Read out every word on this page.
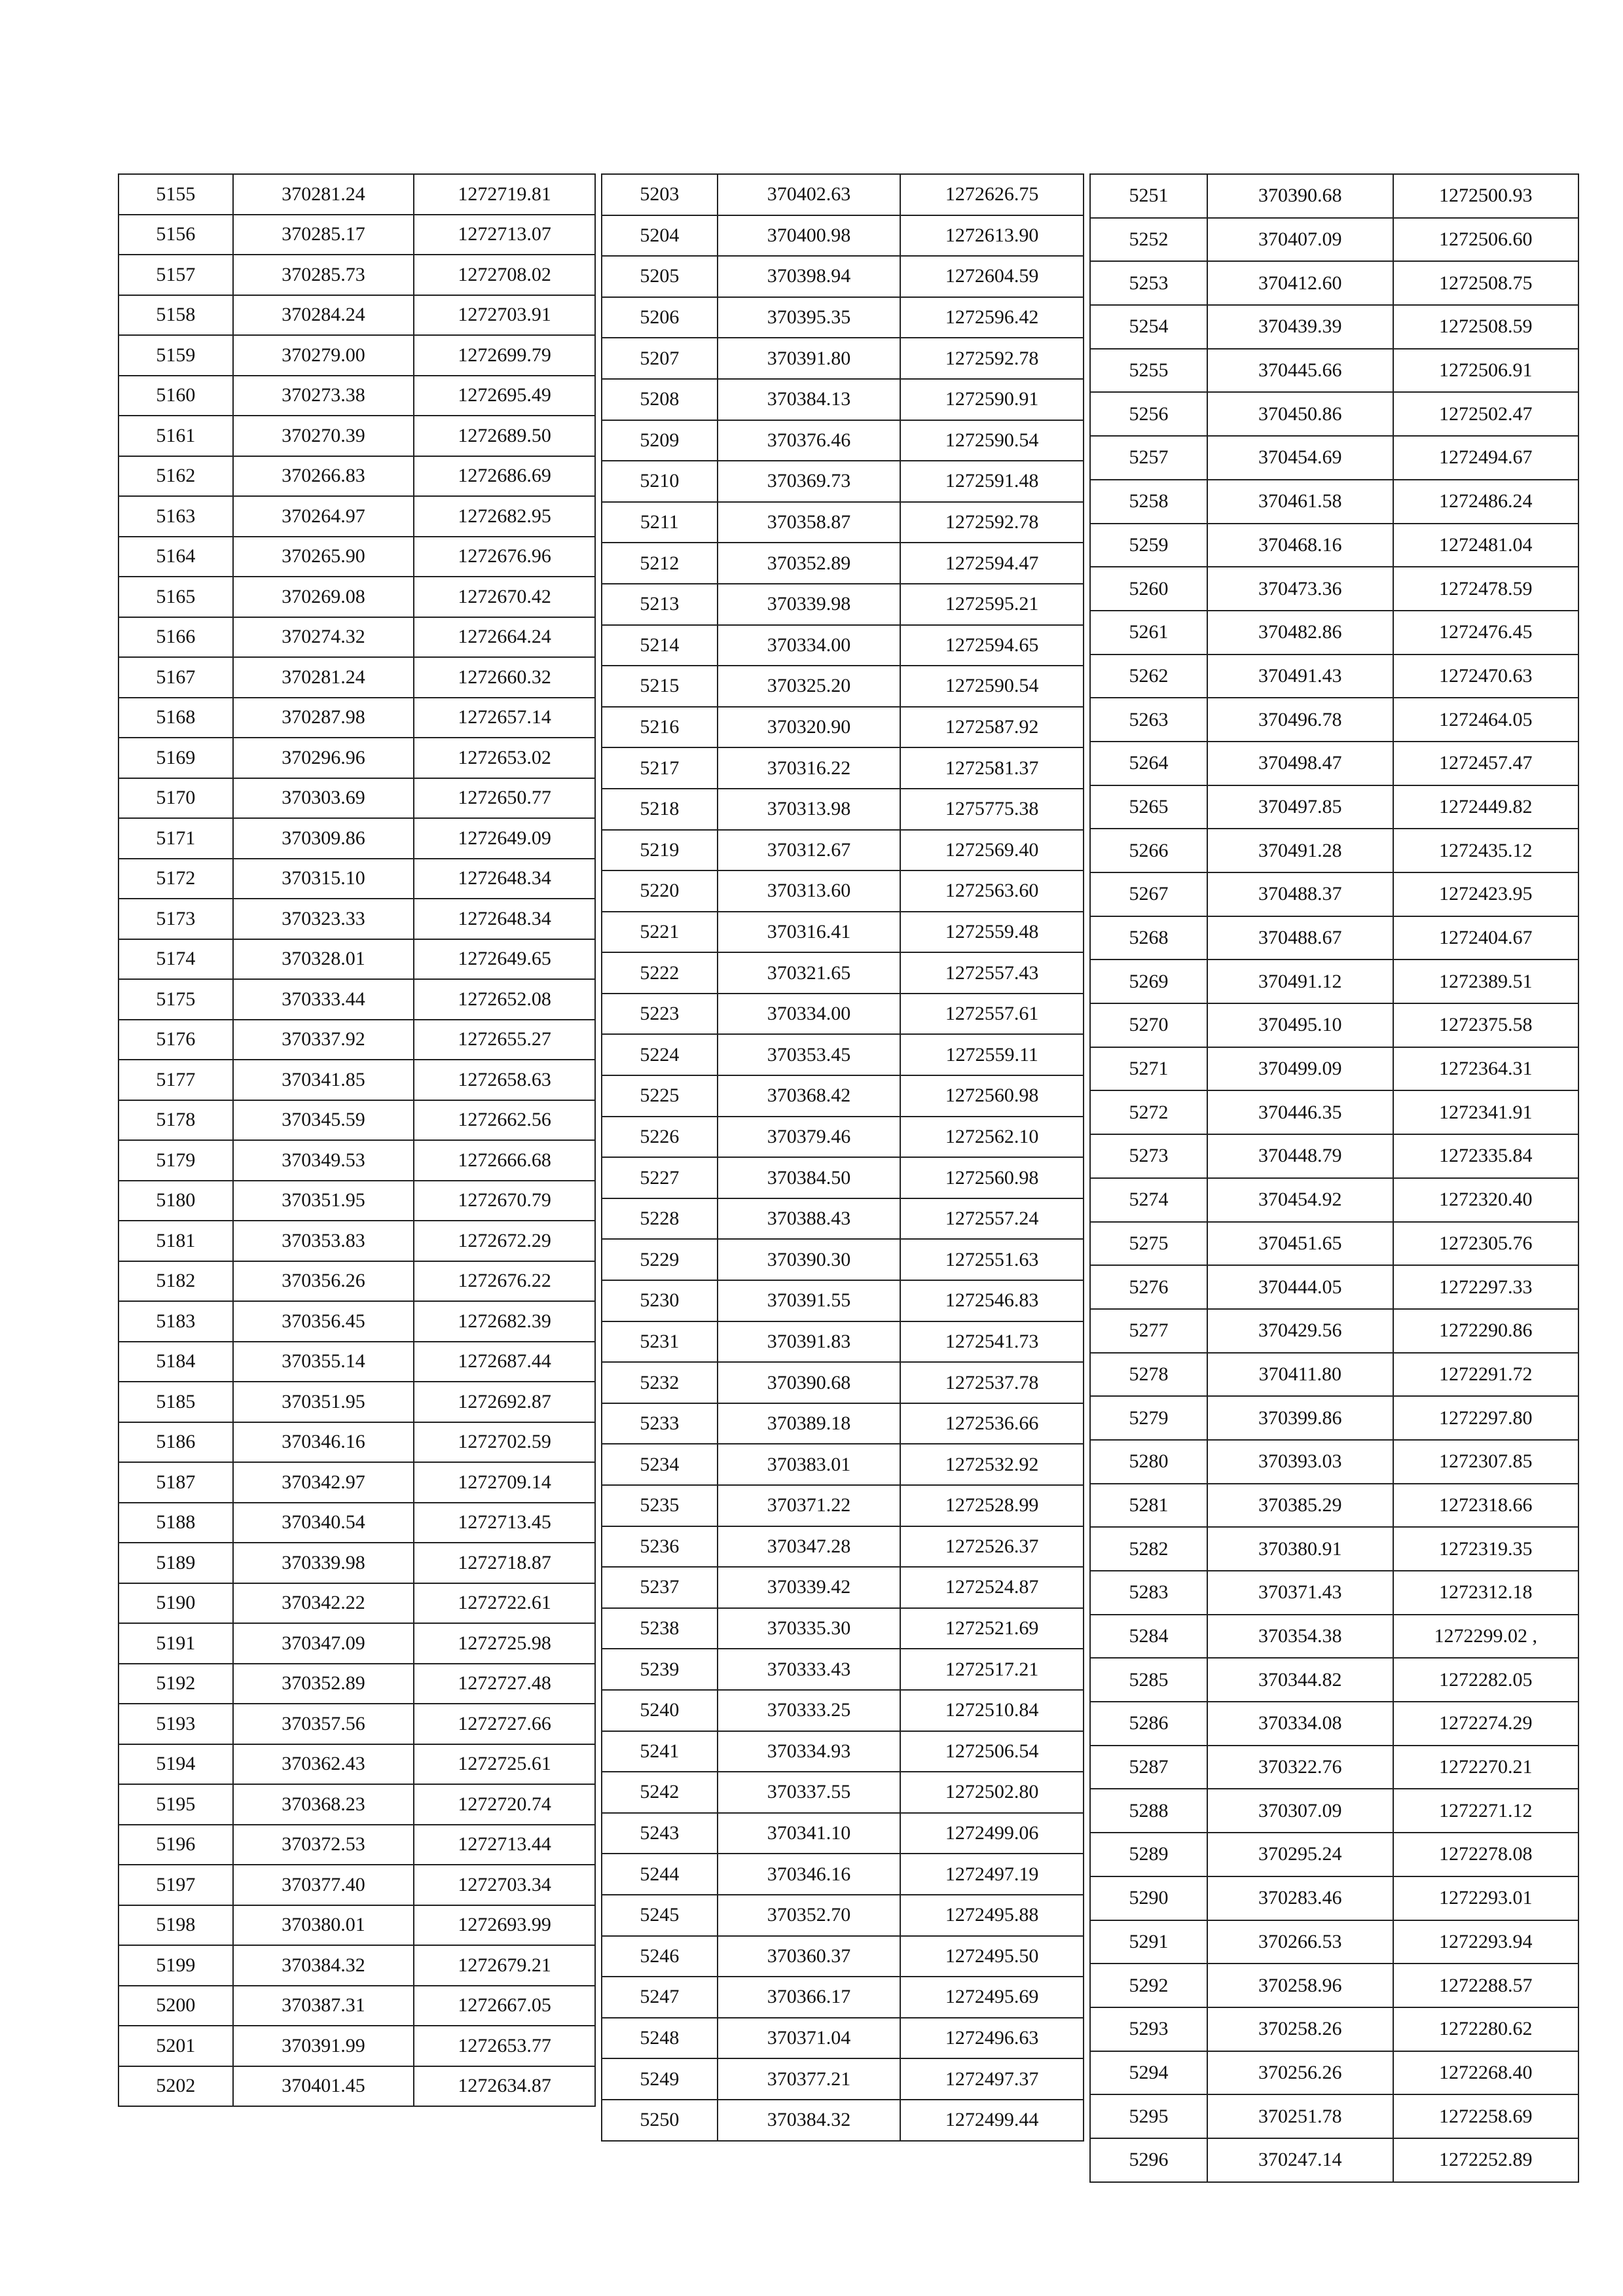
5155	370281.24	1272719.81
5156	370285.17	1272713.07
5157	370285.73	1272708.02
5158	370284.24	1272703.91
5159	370279.00	1272699.79
5160	370273.38	1272695.49
5161	370270.39	1272689.50
5162	370266.83	1272686.69
5163	370264.97	1272682.95
5164	370265.90	1272676.96
5165	370269.08	1272670.42
5166	370274.32	1272664.24
5167	370281.24	1272660.32
5168	370287.98	1272657.14
5169	370296.96	1272653.02
5170	370303.69	1272650.77
5171	370309.86	1272649.09
5172	370315.10	1272648.34
5173	370323.33	1272648.34
5174	370328.01	1272649.65
5175	370333.44	1272652.08
5176	370337.92	1272655.27
5177	370341.85	1272658.63
5178	370345.59	1272662.56
5179	370349.53	1272666.68
5180	370351.95	1272670.79
5181	370353.83	1272672.29
5182	370356.26	1272676.22
5183	370356.45	1272682.39
5184	370355.14	1272687.44
5185	370351.95	1272692.87
5186	370346.16	1272702.59
5187	370342.97	1272709.14
5188	370340.54	1272713.45
5189	370339.98	1272718.87
5190	370342.22	1272722.61
5191	370347.09	1272725.98
5192	370352.89	1272727.48
5193	370357.56	1272727.66
5194	370362.43	1272725.61
5195	370368.23	1272720.74
5196	370372.53	1272713.44
5197	370377.40	1272703.34
5198	370380.01	1272693.99
5199	370384.32	1272679.21
5200	370387.31	1272667.05
5201	370391.99	1272653.77
5202	370401.45	1272634.87
5203	370402.63	1272626.75
5204	370400.98	1272613.90
5205	370398.94	1272604.59
5206	370395.35	1272596.42
5207	370391.80	1272592.78
5208	370384.13	1272590.91
5209	370376.46	1272590.54
5210	370369.73	1272591.48
5211	370358.87	1272592.78
5212	370352.89	1272594.47
5213	370339.98	1272595.21
5214	370334.00	1272594.65
5215	370325.20	1272590.54
5216	370320.90	1272587.92
5217	370316.22	1272581.37
5218	370313.98	1275775.38
5219	370312.67	1272569.40
5220	370313.60	1272563.60
5221	370316.41	1272559.48
5222	370321.65	1272557.43
5223	370334.00	1272557.61
5224	370353.45	1272559.11
5225	370368.42	1272560.98
5226	370379.46	1272562.10
5227	370384.50	1272560.98
5228	370388.43	1272557.24
5229	370390.30	1272551.63
5230	370391.55	1272546.83
5231	370391.83	1272541.73
5232	370390.68	1272537.78
5233	370389.18	1272536.66
5234	370383.01	1272532.92
5235	370371.22	1272528.99
5236	370347.28	1272526.37
5237	370339.42	1272524.87
5238	370335.30	1272521.69
5239	370333.43	1272517.21
5240	370333.25	1272510.84
5241	370334.93	1272506.54
5242	370337.55	1272502.80
5243	370341.10	1272499.06
5244	370346.16	1272497.19
5245	370352.70	1272495.88
5246	370360.37	1272495.50
5247	370366.17	1272495.69
5248	370371.04	1272496.63
5249	370377.21	1272497.37
5250	370384.32	1272499.44
5251	370390.68	1272500.93
5252	370407.09	1272506.60
5253	370412.60	1272508.75
5254	370439.39	1272508.59
5255	370445.66	1272506.91
5256	370450.86	1272502.47
5257	370454.69	1272494.67
5258	370461.58	1272486.24
5259	370468.16	1272481.04
5260	370473.36	1272478.59
5261	370482.86	1272476.45
5262	370491.43	1272470.63
5263	370496.78	1272464.05
5264	370498.47	1272457.47
5265	370497.85	1272449.82
5266	370491.28	1272435.12
5267	370488.37	1272423.95
5268	370488.67	1272404.67
5269	370491.12	1272389.51
5270	370495.10	1272375.58
5271	370499.09	1272364.31
5272	370446.35	1272341.91
5273	370448.79	1272335.84
5274	370454.92	1272320.40
5275	370451.65	1272305.76
5276	370444.05	1272297.33
5277	370429.56	1272290.86
5278	370411.80	1272291.72
5279	370399.86	1272297.80
5280	370393.03	1272307.85
5281	370385.29	1272318.66
5282	370380.91	1272319.35
5283	370371.43	1272312.18
5284	370354.38	1272299.02 ,
5285	370344.82	1272282.05
5286	370334.08	1272274.29
5287	370322.76	1272270.21
5288	370307.09	1272271.12
5289	370295.24	1272278.08
5290	370283.46	1272293.01
5291	370266.53	1272293.94
5292	370258.96	1272288.57
5293	370258.26	1272280.62
5294	370256.26	1272268.40
5295	370251.78	1272258.69
5296	370247.14	1272252.89
